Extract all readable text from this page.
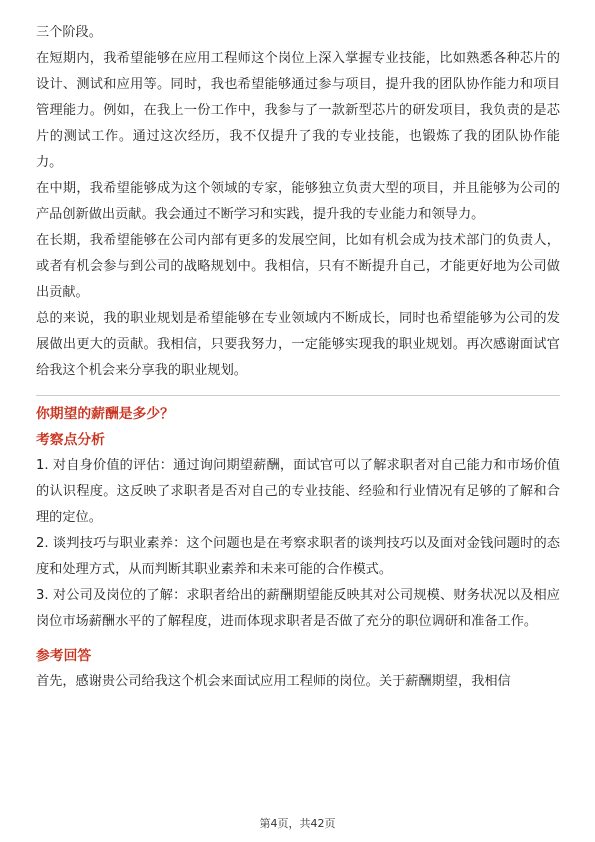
三个阶段。

在短期内，我希望能够在应用工程师这个岗位上深入掌握专业技能，比如熟悉各种芯片的设计、测试和应用等。同时，我也希望能够通过参与项目，提升我的团队协作能力和项目管理能力。例如，在我上一份工作中，我参与了一款新型芯片的研发项目，我负责的是芯片的测试工作。通过这次经历，我不仅提升了我的专业技能，也锻炼了我的团队协作能力。

在中期，我希望能够成为这个领域的专家，能够独立负责大型的项目，并且能够为公司的产品创新做出贡献。我会通过不断学习和实践，提升我的专业能力和领导力。

在长期，我希望能够在公司内部有更多的发展空间，比如有机会成为技术部门的负责人，或者有机会参与到公司的战略规划中。我相信，只有不断提升自己，才能更好地为公司做出贡献。

总的来说，我的职业规划是希望能够在专业领域内不断成长，同时也希望能够为公司的发展做出更大的贡献。我相信，只要我努力，一定能够实现我的职业规划。再次感谢面试官给我这个机会来分享我的职业规划。

你期望的薪酬是多少？
考察点分析

1. 对自身价值的评估：通过询问期望薪酬，面试官可以了解求职者对自己能力和市场价值的认识程度。这反映了求职者是否对自己的专业技能、经验和行业情况有足够的了解和合理的定位。

2. 谈判技巧与职业素养：这个问题也是在考察求职者的谈判技巧以及面对金钱问题时的态度和处理方式，从而判断其职业素养和未来可能的合作模式。

3. 对公司及岗位的了解：求职者给出的薪酬期望能反映其对公司规模、财务状况以及相应岗位市场薪酬水平的了解程度，进而体现求职者是否做了充分的职位调研和准备工作。

参考回答

首先，感谢贵公司给我这个机会来面试应用工程师的岗位。关于薪酬期望，我相信

第4页，共42页
